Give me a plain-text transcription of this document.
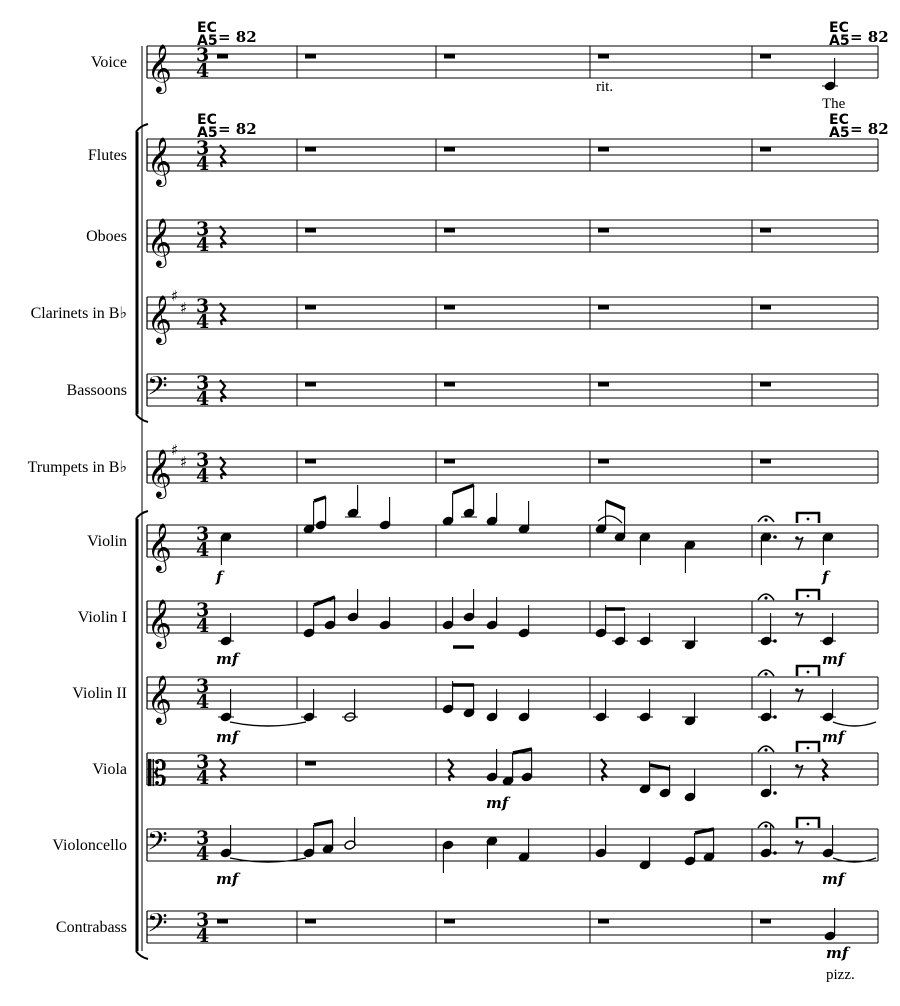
𝄞 3
4
𝄞 3
4
𝄞 3
4
𝄞 ♯
♯ 3
4
𝄢 3
4
𝄞 ♯
♯ 3
4
𝄞 3
4
𝄞 3
4
𝄞 3
4
𝄡 3
4
𝄢 3
4
𝄢 3
4
Voice
Flutes
Oboes
Clarinets in B♭
Bassoons
Trumpets in B♭
Violin
Violin I
Violin II
Viola
Violoncello
Contrabass
mf
f	f
mf	mf
mf	mf
mf
mf	mf
EC
A5 = 82	EC
A5 = 82
EC
A5 = 82	EC
A5 = 82
rit.
The
pizz.
